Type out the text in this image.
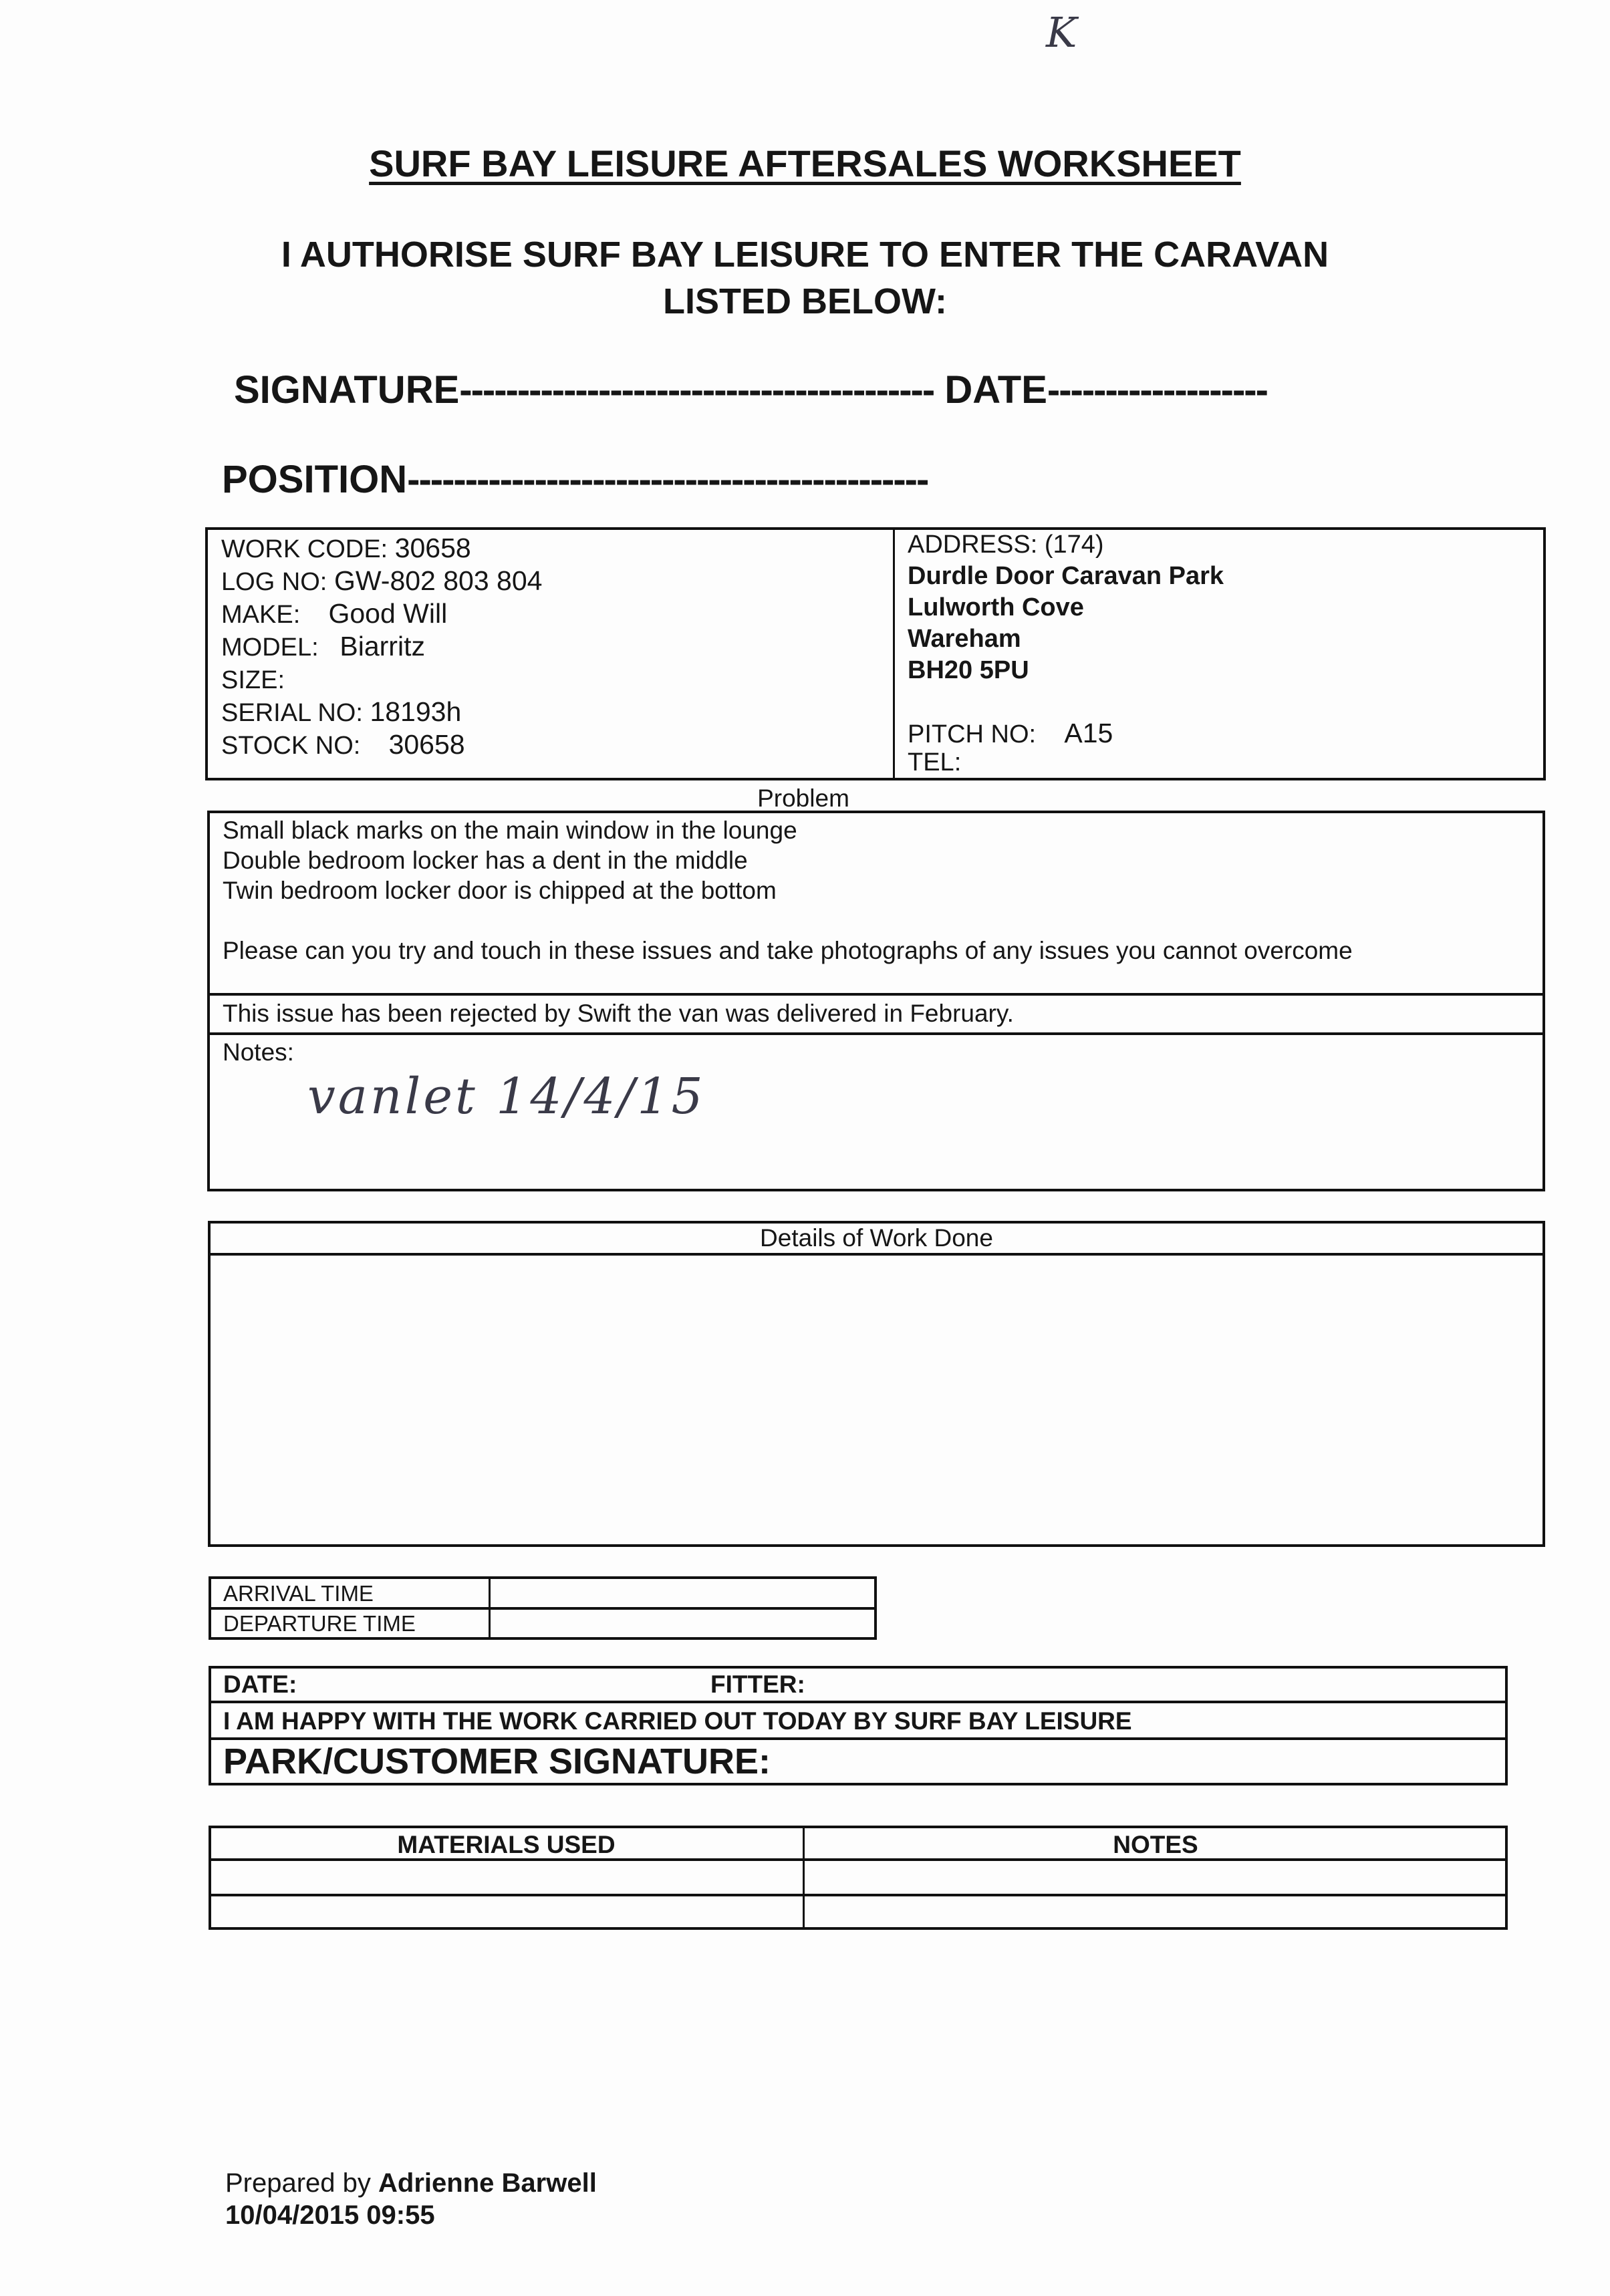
K
SURF BAY LEISURE AFTERSALES WORKSHEET
I AUTHORISE SURF BAY LEISURE TO ENTER THE CARAVAN
LISTED BELOW:
SIGNATURE----------------------------------------- DATE-------------------
POSITION---------------------------------------------
WORK CODE: 30658
LOG NO: GW-802 803 804
MAKE: Good Will
MODEL: Biarritz
SIZE:
SERIAL NO: 18193h
STOCK NO: 30658
ADDRESS: (174)
Durdle Door Caravan Park
Lulworth Cove
Wareham
BH20 5PU
PITCH NO: A15
TEL:
Problem
Small black marks on the main window in the lounge
Double bedroom locker has a dent in the middle
Twin bedroom locker door is chipped at the bottom
Please can you try and touch in these issues and take photographs of any issues you cannot overcome
This issue has been rejected by Swift the van was delivered in February.
Notes:
vanlet 14/4/15
Details of Work Done
ARRIVAL TIME
DEPARTURE TIME
DATE:	FITTER:
I AM HAPPY WITH THE WORK CARRIED OUT TODAY BY SURF BAY LEISURE
PARK/CUSTOMER SIGNATURE:
MATERIALS USED	NOTES
Prepared by Adrienne Barwell
10/04/2015 09:55
